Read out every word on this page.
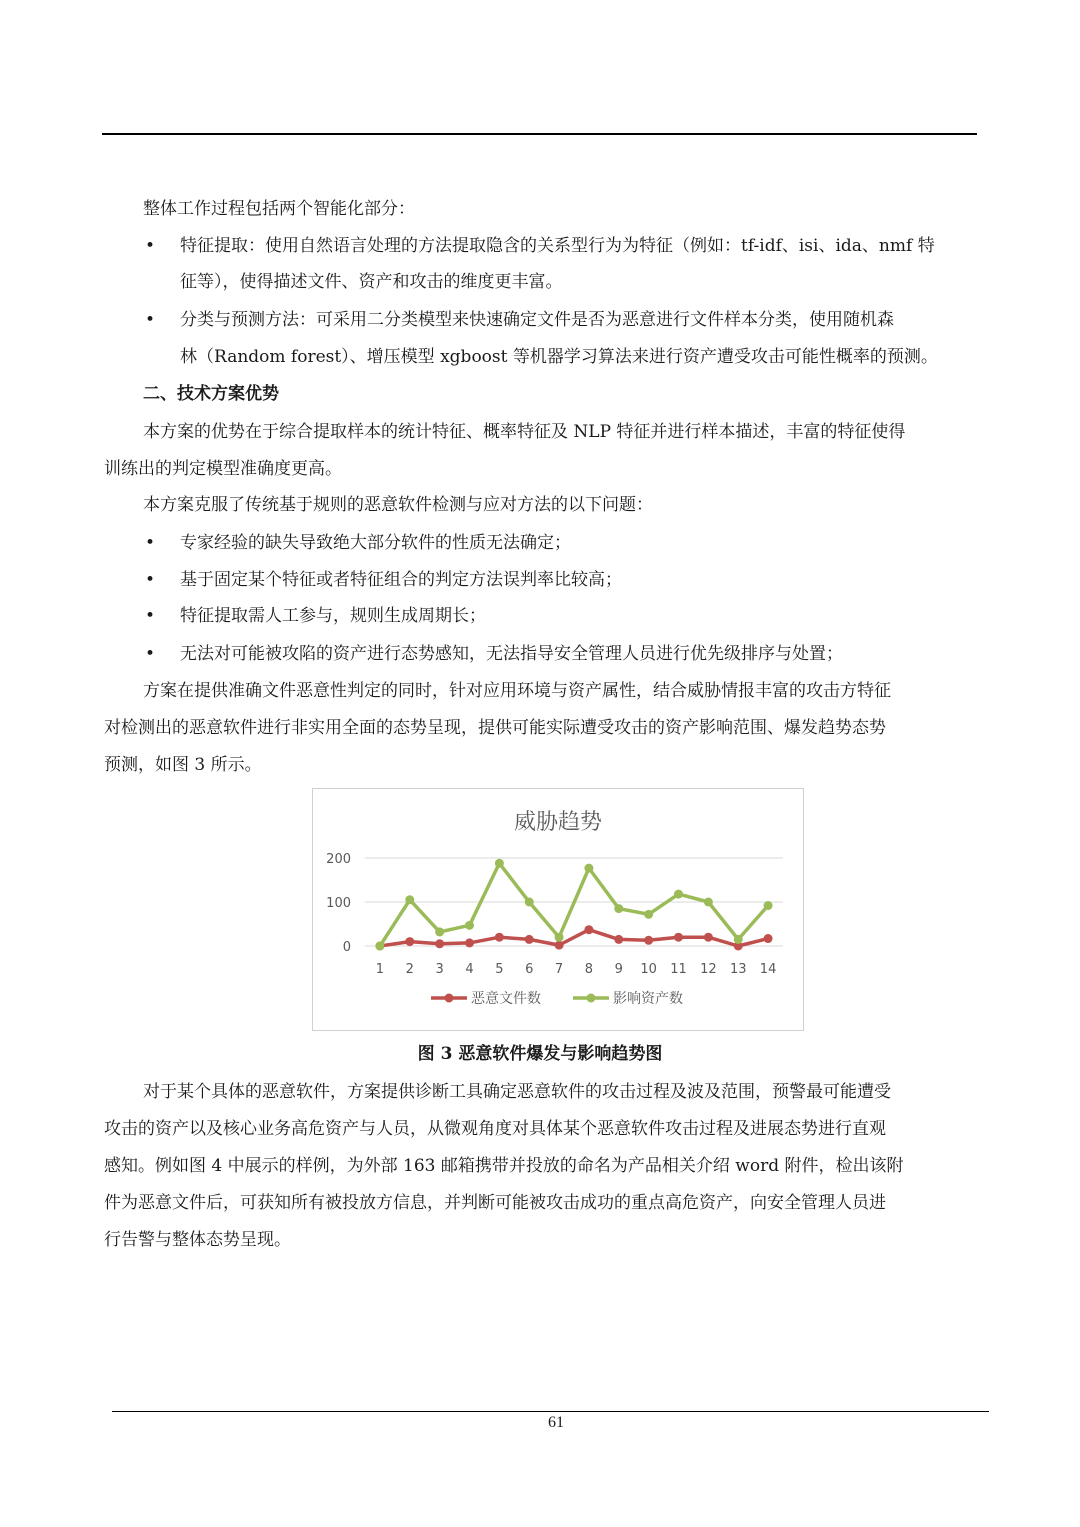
整体工作过程包括两个智能化部分：
• 特征提取：使用自然语言处理的方法提取隐含的关系型行为为特征（例如：tf-idf、isi、ida、nmf 特
征等），使得描述文件、资产和攻击的维度更丰富。
• 分类与预测方法：可采用二分类模型来快速确定文件是否为恶意进行文件样本分类，使用随机森
林（Random forest）、增压模型 xgboost 等机器学习算法来进行资产遭受攻击可能性概率的预测。
二、技术方案优势
本方案的优势在于综合提取样本的统计特征、概率特征及 NLP 特征并进行样本描述，丰富的特征使得
训练出的判定模型准确度更高。
本方案克服了传统基于规则的恶意软件检测与应对方法的以下问题：
• 专家经验的缺失导致绝大部分软件的性质无法确定；
• 基于固定某个特征或者特征组合的判定方法误判率比较高；
• 特征提取需人工参与，规则生成周期长；
• 无法对可能被攻陷的资产进行态势感知，无法指导安全管理人员进行优先级排序与处置；
方案在提供准确文件恶意性判定的同时，针对应用环境与资产属性，结合威胁情报丰富的攻击方特征
对检测出的恶意软件进行非实用全面的态势呈现，提供可能实际遭受攻击的资产影响范围、爆发趋势态势
预测，如图 3 所示。
威胁趋势
0
100
200
1 2 3 4 5 6 7 8 9 10 11 12 13 14
恶意文件数	影响资产数
图 3 恶意软件爆发与影响趋势图
对于某个具体的恶意软件，方案提供诊断工具确定恶意软件的攻击过程及波及范围，预警最可能遭受
攻击的资产以及核心业务高危资产与人员，从微观角度对具体某个恶意软件攻击过程及进展态势进行直观
感知。例如图 4 中展示的样例，为外部 163 邮箱携带并投放的命名为产品相关介绍 word 附件，检出该附
件为恶意文件后，可获知所有被投放方信息，并判断可能被攻击成功的重点高危资产，向安全管理人员进
行告警与整体态势呈现。
61
